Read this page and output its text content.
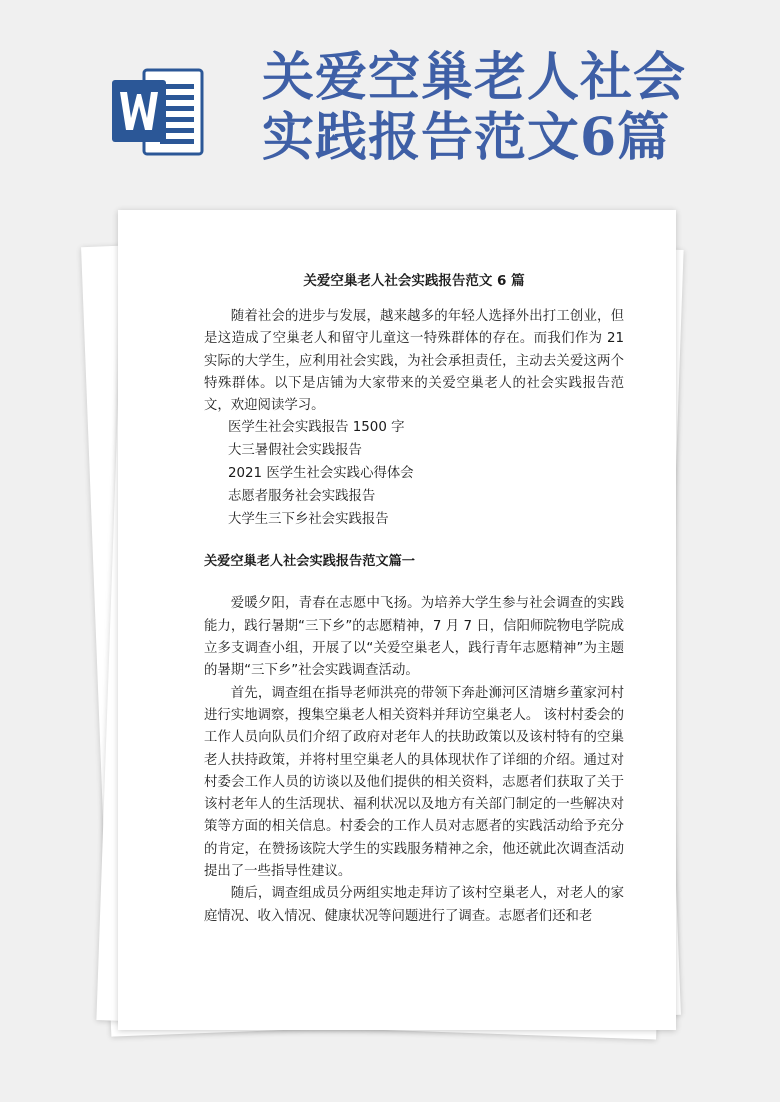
关爱空巢老人社会
实践报告范文6篇
关爱空巢老人社会实践报告范文 6 篇

随着社会的进步与发展，越来越多的年轻人选择外出打工创业，但是这造成了空巢老人和留守儿童这一特殊群体的存在。而我们作为 21 实际的大学生，应利用社会实践，为社会承担责任，主动去关爱这两个特殊群体。以下是店铺为大家带来的关爱空巢老人的社会实践报告范文，欢迎阅读学习。

医学生社会实践报告 1500 字
大三暑假社会实践报告
2021 医学生社会实践心得体会
志愿者服务社会实践报告
大学生三下乡社会实践报告
关爱空巢老人社会实践报告范文篇一

爱暖夕阳，青春在志愿中飞扬。为培养大学生参与社会调查的实践能力，践行暑期“三下乡”的志愿精神，7 月 7 日，信阳师院物电学院成立多支调查小组，开展了以“关爱空巢老人，践行青年志愿精神”为主题的暑期“三下乡”社会实践调查活动。

首先，调查组在指导老师洪亮的带领下奔赴浉河区清塘乡董家河村进行实地调察，搜集空巢老人相关资料并拜访空巢老人。 该村村委会的工作人员向队员们介绍了政府对老年人的扶助政策以及该村特有的空巢老人扶持政策，并将村里空巢老人的具体现状作了详细的介绍。通过对村委会工作人员的访谈以及他们提供的相关资料，志愿者们获取了关于该村老年人的生活现状、福利状况以及地方有关部门制定的一些解决对策等方面的相关信息。村委会的工作人员对志愿者的实践活动给予充分的肯定，在赞扬该院大学生的实践服务精神之余，他还就此次调查活动提出了一些指导性建议。

随后，调查组成员分两组实地走拜访了该村空巢老人，对老人的家庭情况、收入情况、健康状况等问题进行了调查。志愿者们还和老
